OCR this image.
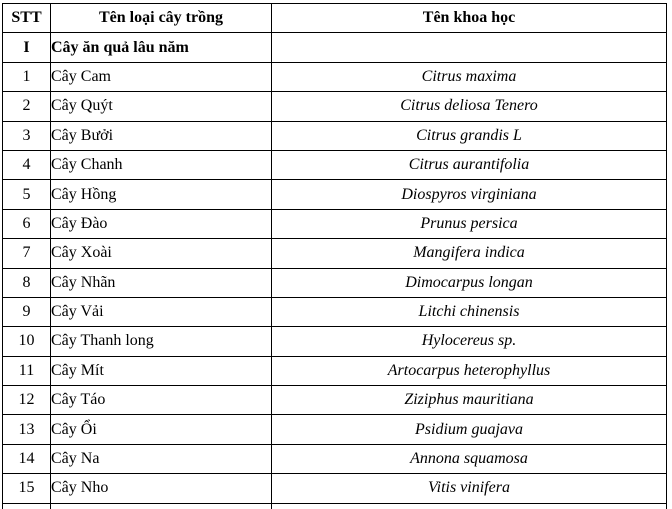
STT	Tên loại cây trồng	Tên khoa học
I	Cây ăn quả lâu năm	
1	Cây Cam	Citrus maxima
2	Cây Quýt	Citrus deliosa Tenero
3	Cây Bưởi	Citrus grandis L
4	Cây Chanh	Citrus aurantifolia
5	Cây Hồng	Diospyros virginiana
6	Cây Đào	Prunus persica
7	Cây Xoài	Mangifera indica
8	Cây Nhãn	Dimocarpus longan
9	Cây Vải	Litchi chinensis
10	Cây Thanh long	Hylocereus sp.
11	Cây Mít	Artocarpus heterophyllus
12	Cây Táo	Ziziphus mauritiana
13	Cây Ổi	Psidium guajava
14	Cây Na	Annona squamosa
15	Cây Nho	Vitis vinifera
